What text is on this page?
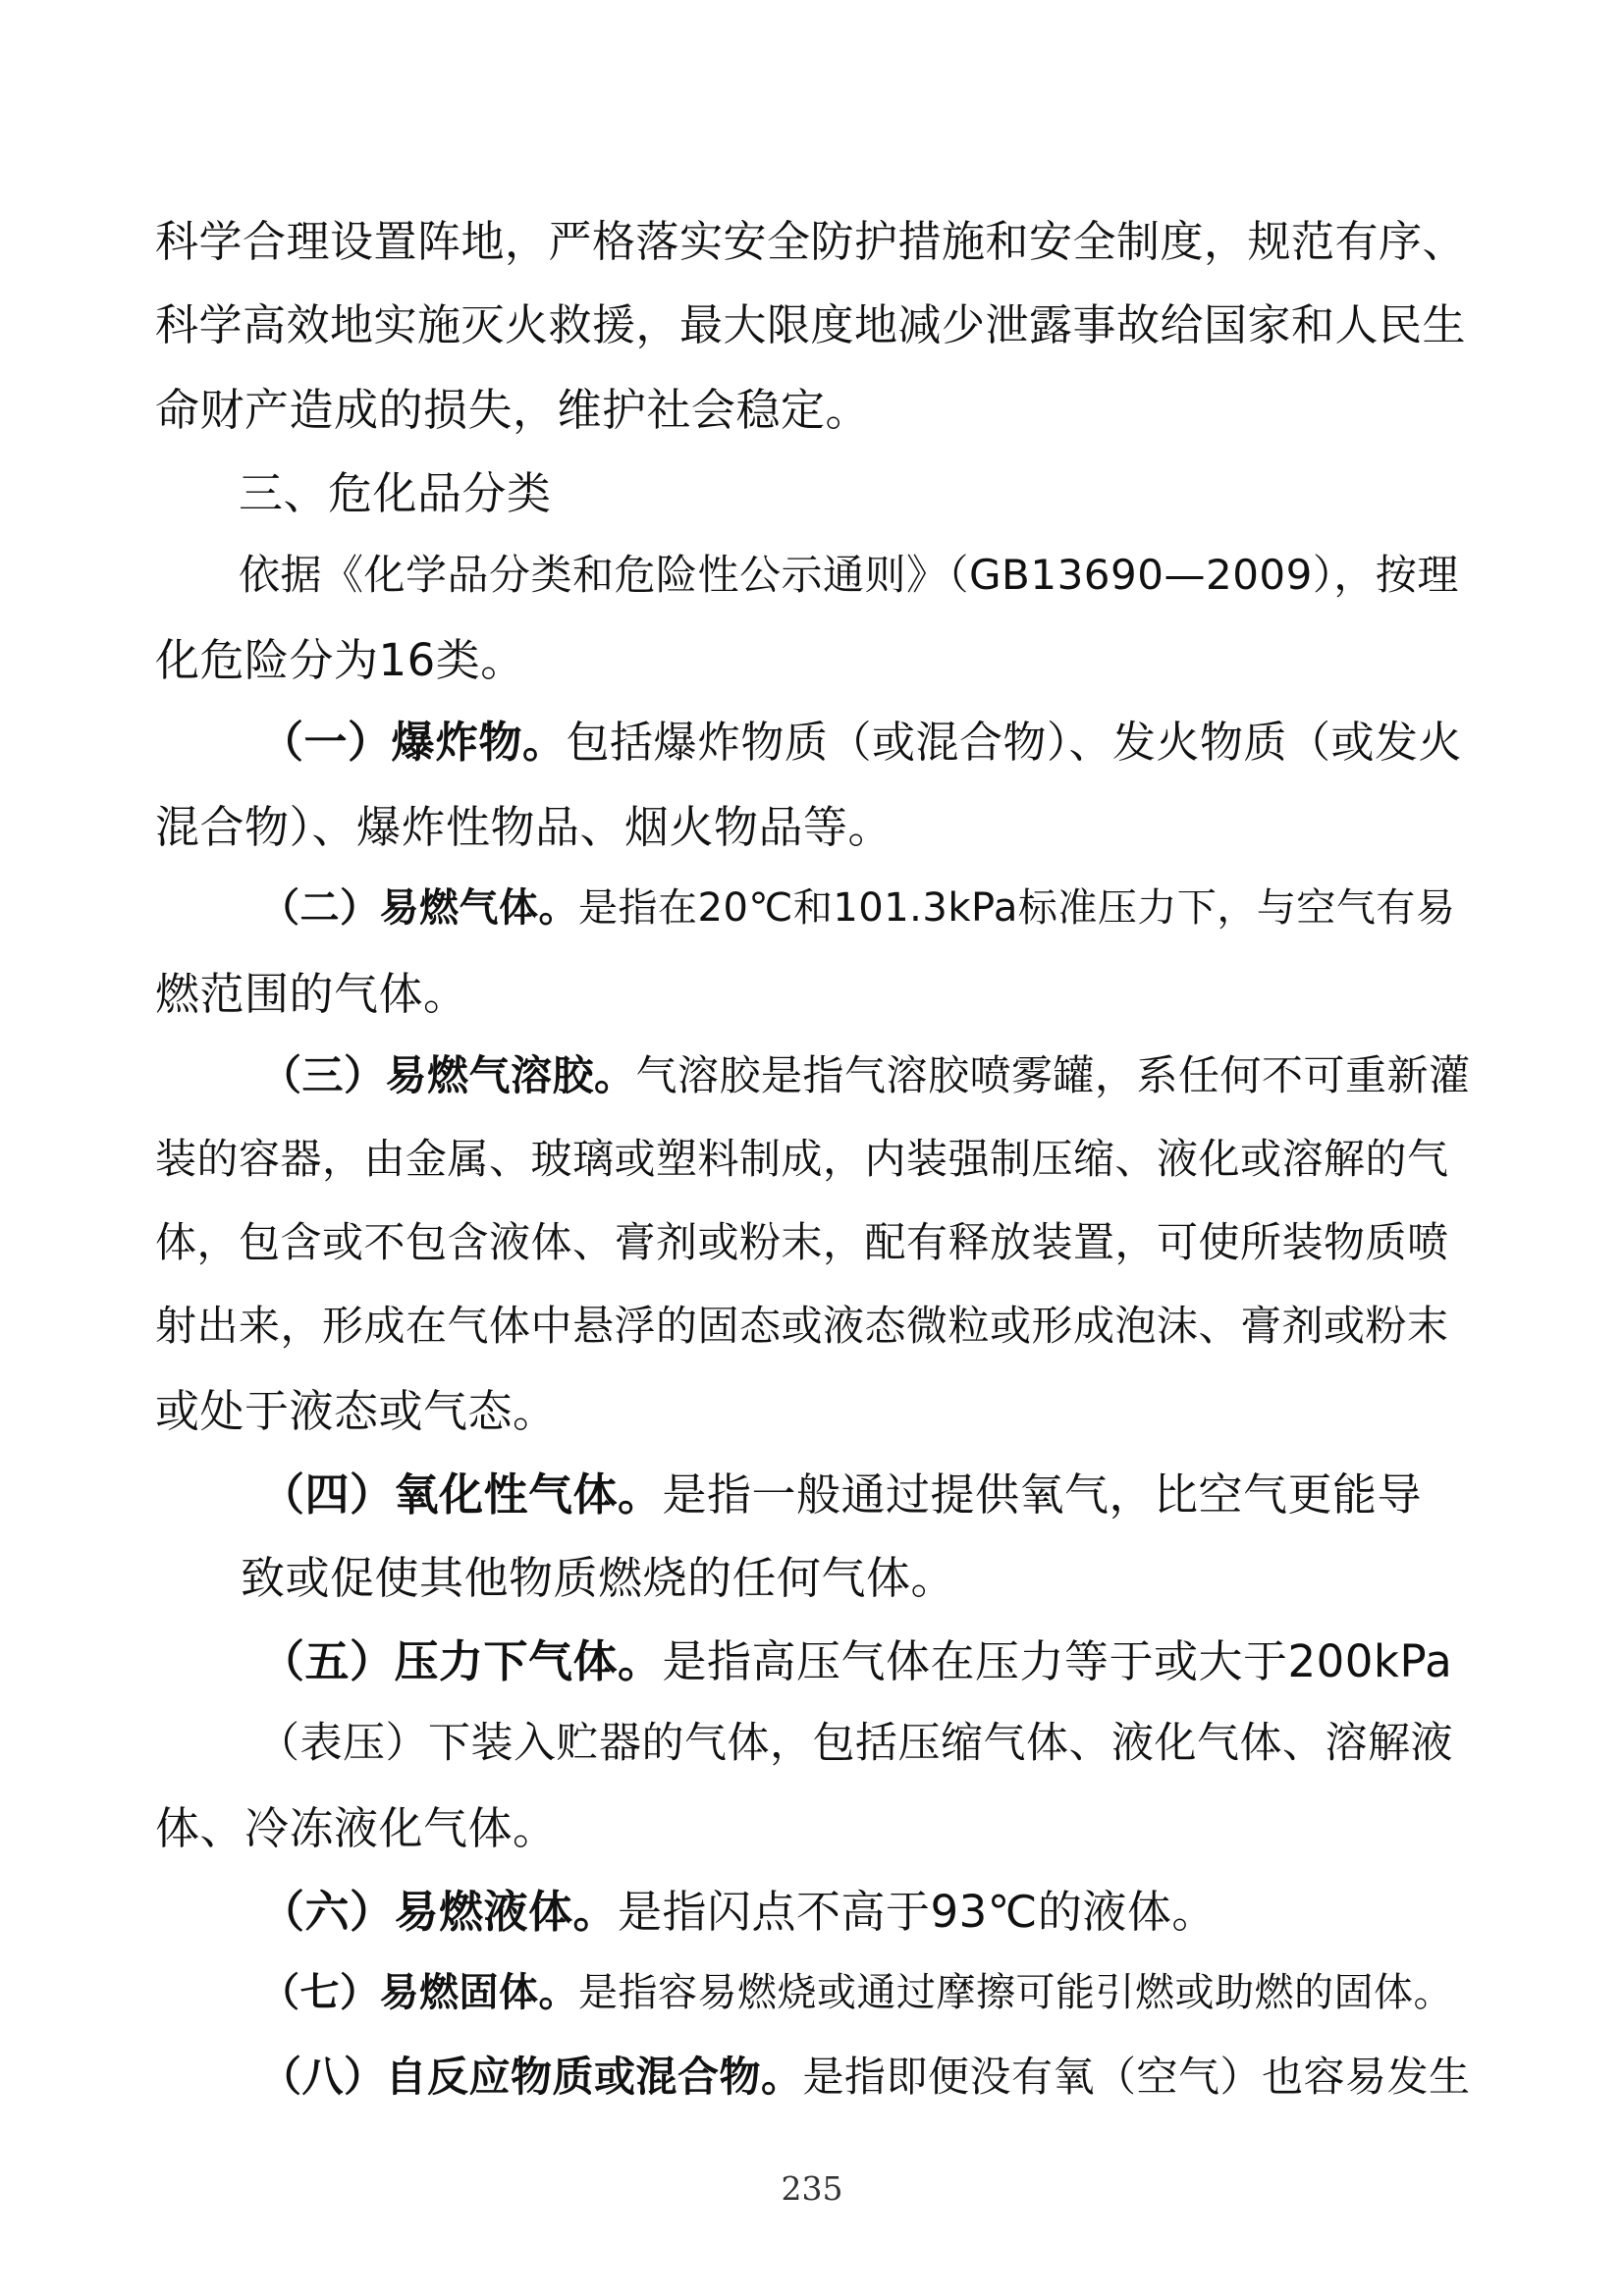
科学合理设置阵地，严格落实安全防护措施和安全制度，规范有序、
科学高效地实施灭火救援，最大限度地减少泄露事故给国家和人民生
命财产造成的损失，维护社会稳定。
三、危化品分类
依据《化学品分类和危险性公示通则》（GB13690—2009），按理
化危险分为16类。
（一）爆炸物。包括爆炸物质（或混合物）、发火物质（或发火
混合物）、爆炸性物品、烟火物品等。
（二）易燃气体。是指在20℃和101.3kPa标准压力下，与空气有易
燃范围的气体。
（三）易燃气溶胶。气溶胶是指气溶胶喷雾罐，系任何不可重新灌
装的容器，由金属、玻璃或塑料制成，内装强制压缩、液化或溶解的气
体，包含或不包含液体、膏剂或粉末，配有释放装置，可使所装物质喷
射出来，形成在气体中悬浮的固态或液态微粒或形成泡沫、膏剂或粉末
或处于液态或气态。
（四）氧化性气体。是指一般通过提供氧气，比空气更能导
致或促使其他物质燃烧的任何气体。
（五）压力下气体。是指高压气体在压力等于或大于200kPa
（表压）下装入贮器的气体，包括压缩气体、液化气体、溶解液
体、冷冻液化气体。
（六）易燃液体。是指闪点不高于93℃的液体。
（七）易燃固体。是指容易燃烧或通过摩擦可能引燃或助燃的固体。
（八）自反应物质或混合物。是指即便没有氧（空气）也容易发生
235
